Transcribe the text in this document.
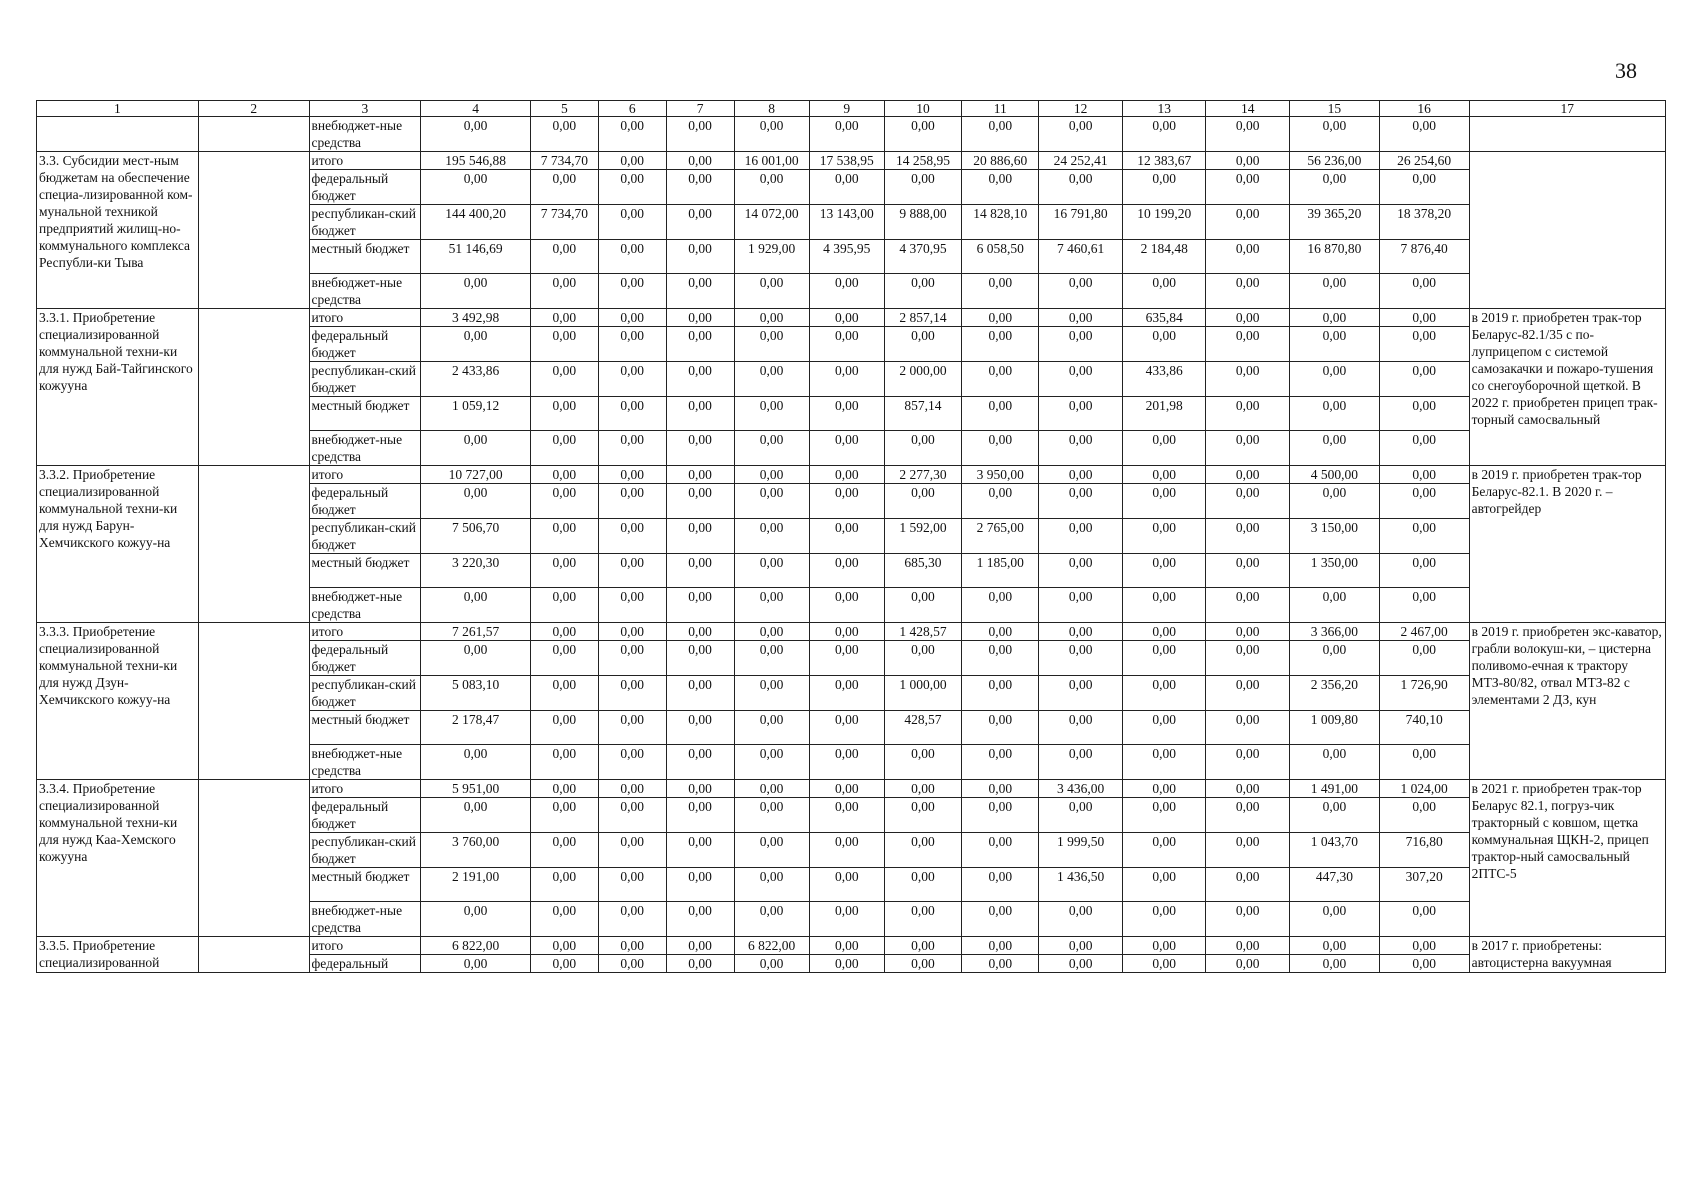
38
1	2	3	4	5	6	7	8	9	10	11	12	13	14	15	16	17
		внебюджет-ные средства	0,00	0,00	0,00	0,00	0,00	0,00	0,00	0,00	0,00	0,00	0,00	0,00	0,00	
3.3. Субсидии мест-ным бюджетам на обеспечение специа-лизированной ком-мунальной техникой предприятий жилищ-но-коммунального комплекса Республи-ки Тыва		итого	195 546,88	7 734,70	0,00	0,00	16 001,00	17 538,95	14 258,95	20 886,60	24 252,41	12 383,67	0,00	56 236,00	26 254,60	
		федеральный бюджет	0,00	0,00	0,00	0,00	0,00	0,00	0,00	0,00	0,00	0,00	0,00	0,00	0,00	
		республикан-ский бюджет	144 400,20	7 734,70	0,00	0,00	14 072,00	13 143,00	9 888,00	14 828,10	16 791,80	10 199,20	0,00	39 365,20	18 378,20	
		местный бюджет	51 146,69	0,00	0,00	0,00	1 929,00	4 395,95	4 370,95	6 058,50	7 460,61	2 184,48	0,00	16 870,80	7 876,40	
		внебюджет-ные средства	0,00	0,00	0,00	0,00	0,00	0,00	0,00	0,00	0,00	0,00	0,00	0,00	0,00	
3.3.1. Приобретение специализированной коммунальной техни-ки для нужд Бай-Тайгинского кожууна		итого	3 492,98	0,00	0,00	0,00	0,00	0,00	2 857,14	0,00	0,00	635,84	0,00	0,00	0,00	в 2019 г. приобретен трак-тор Беларус-82.1/35 с по-луприцепом с системой самозакачки и пожаро-тушения со снегоуборочной щеткой. В 2022 г. приобретен прицеп трак-торный самосвальный
		федеральный бюджет	0,00	0,00	0,00	0,00	0,00	0,00	0,00	0,00	0,00	0,00	0,00	0,00	0,00	
		республикан-ский бюджет	2 433,86	0,00	0,00	0,00	0,00	0,00	2 000,00	0,00	0,00	433,86	0,00	0,00	0,00	
		местный бюджет	1 059,12	0,00	0,00	0,00	0,00	0,00	857,14	0,00	0,00	201,98	0,00	0,00	0,00	
		внебюджет-ные средства	0,00	0,00	0,00	0,00	0,00	0,00	0,00	0,00	0,00	0,00	0,00	0,00	0,00	
3.3.2. Приобретение специализированной коммунальной техни-ки для нужд Барун-Хемчикского кожуу-на		итого	10 727,00	0,00	0,00	0,00	0,00	0,00	2 277,30	3 950,00	0,00	0,00	0,00	4 500,00	0,00	в 2019 г. приобретен трак-тор Беларус-82.1. В 2020 г. – автогрейдер
		федеральный бюджет	0,00	0,00	0,00	0,00	0,00	0,00	0,00	0,00	0,00	0,00	0,00	0,00	0,00	
		республикан-ский бюджет	7 506,70	0,00	0,00	0,00	0,00	0,00	1 592,00	2 765,00	0,00	0,00	0,00	3 150,00	0,00	
		местный бюджет	3 220,30	0,00	0,00	0,00	0,00	0,00	685,30	1 185,00	0,00	0,00	0,00	1 350,00	0,00	
		внебюджет-ные средства	0,00	0,00	0,00	0,00	0,00	0,00	0,00	0,00	0,00	0,00	0,00	0,00	0,00	
3.3.3. Приобретение специализированной коммунальной техни-ки для нужд Дзун-Хемчикского кожуу-на		итого	7 261,57	0,00	0,00	0,00	0,00	0,00	1 428,57	0,00	0,00	0,00	0,00	3 366,00	2 467,00	в 2019 г. приобретен экс-каватор, грабли волокуш-ки, – цистерна поливомо-ечная к трактору МТЗ-80/82, отвал МТЗ-82 с элементами 2 ДЗ, кун
		федеральный бюджет	0,00	0,00	0,00	0,00	0,00	0,00	0,00	0,00	0,00	0,00	0,00	0,00	0,00	
		республикан-ский бюджет	5 083,10	0,00	0,00	0,00	0,00	0,00	1 000,00	0,00	0,00	0,00	0,00	2 356,20	1 726,90	
		местный бюджет	2 178,47	0,00	0,00	0,00	0,00	0,00	428,57	0,00	0,00	0,00	0,00	1 009,80	740,10	
		внебюджет-ные средства	0,00	0,00	0,00	0,00	0,00	0,00	0,00	0,00	0,00	0,00	0,00	0,00	0,00	
3.3.4. Приобретение специализированной коммунальной техни-ки для нужд Каа-Хемского кожууна		итого	5 951,00	0,00	0,00	0,00	0,00	0,00	0,00	0,00	3 436,00	0,00	0,00	1 491,00	1 024,00	в 2021 г. приобретен трак-тор Беларус 82.1, погруз-чик тракторный с ковшом, щетка коммунальная ЩКН-2, прицеп трактор-ный самосвальный 2ПТС-5
		федеральный бюджет	0,00	0,00	0,00	0,00	0,00	0,00	0,00	0,00	0,00	0,00	0,00	0,00	0,00	
		республикан-ский бюджет	3 760,00	0,00	0,00	0,00	0,00	0,00	0,00	0,00	1 999,50	0,00	0,00	1 043,70	716,80	
		местный бюджет	2 191,00	0,00	0,00	0,00	0,00	0,00	0,00	0,00	1 436,50	0,00	0,00	447,30	307,20	
		внебюджет-ные средства	0,00	0,00	0,00	0,00	0,00	0,00	0,00	0,00	0,00	0,00	0,00	0,00	0,00	
3.3.5. Приобретение специализированной		итого	6 822,00	0,00	0,00	0,00	6 822,00	0,00	0,00	0,00	0,00	0,00	0,00	0,00	0,00	в 2017 г. приобретены: автоцистерна вакуумная
		федеральный	0,00	0,00	0,00	0,00	0,00	0,00	0,00	0,00	0,00	0,00	0,00	0,00	0,00	
